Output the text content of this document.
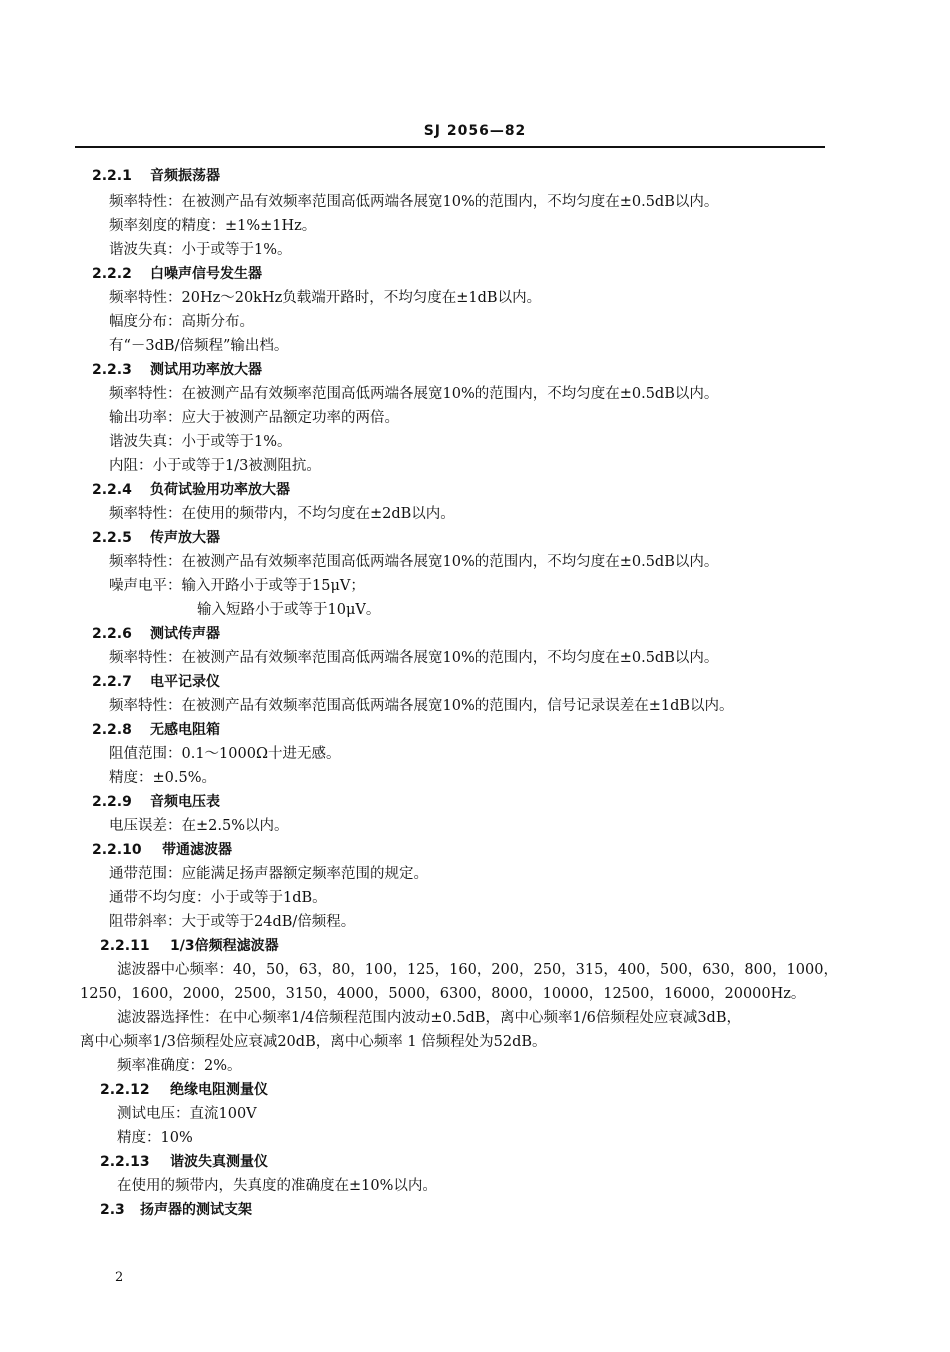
SJ 2056—82
2.2.1 音频振荡器
频率特性：在被测产品有效频率范围高低两端各展宽10%的范围内，不均匀度在±0.5dB以内。
频率刻度的精度：±1%±1Hz。
谐波失真：小于或等于1%。
2.2.2 白噪声信号发生器
频率特性：20Hz～20kHz负载端开路时，不均匀度在±1dB以内。
幅度分布：高斯分布。
有“－3dB/倍频程”输出档。
2.2.3 测试用功率放大器
频率特性：在被测产品有效频率范围高低两端各展宽10%的范围内，不均匀度在±0.5dB以内。
输出功率：应大于被测产品额定功率的两倍。
谐波失真：小于或等于1%。
内阻：小于或等于1/3被测阻抗。
2.2.4 负荷试验用功率放大器
频率特性：在使用的频带内，不均匀度在±2dB以内。
2.2.5 传声放大器
频率特性：在被测产品有效频率范围高低两端各展宽10%的范围内，不均匀度在±0.5dB以内。
噪声电平：输入开路小于或等于15μV；
输入短路小于或等于10μV。
2.2.6 测试传声器
频率特性：在被测产品有效频率范围高低两端各展宽10%的范围内，不均匀度在±0.5dB以内。
2.2.7 电平记录仪
频率特性：在被测产品有效频率范围高低两端各展宽10%的范围内，信号记录误差在±1dB以内。
2.2.8 无感电阻箱
阻值范围：0.1～1000Ω十进无感。
精度：±0.5%。
2.2.9 音频电压表
电压误差：在±2.5%以内。
2.2.10 带通滤波器
通带范围：应能满足扬声器额定频率范围的规定。
通带不均匀度：小于或等于1dB。
阻带斜率：大于或等于24dB/倍频程。
2.2.11 1/3倍频程滤波器
滤波器中心频率：40，50，63，80，100，125，160，200，250，315，400，500，630，800，1000，
1250，1600，2000，2500，3150，4000，5000，6300，8000，10000，12500，16000，20000Hz。
滤波器选择性：在中心频率1/4倍频程范围内波动±0.5dB，离中心频率1/6倍频程处应衰减3dB，
离中心频率1/3倍频程处应衰减20dB，离中心频率 1 倍频程处为52dB。
频率准确度：2%。
2.2.12 绝缘电阻测量仪
测试电压：直流100V
精度：10%
2.2.13 谐波失真测量仪
在使用的频带内，失真度的准确度在±10%以内。
2.3 扬声器的测试支架
2
